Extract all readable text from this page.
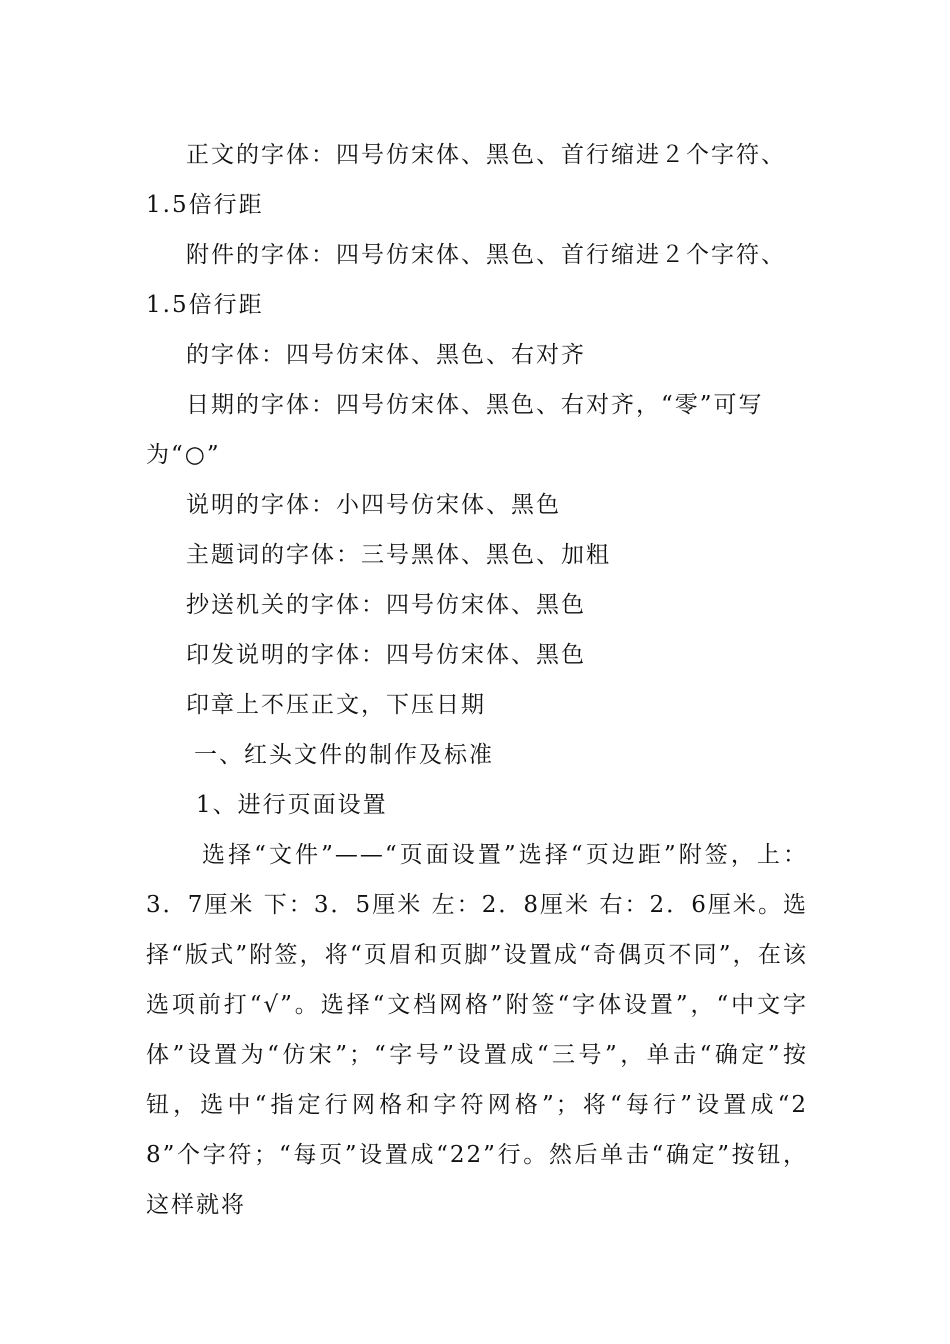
正文的字体：四号仿宋体、黑色、首行缩进２个字符、1.5倍行距

附件的字体：四号仿宋体、黑色、首行缩进２个字符、1.5倍行距

的字体：四号仿宋体、黑色、右对齐

日期的字体：四号仿宋体、黑色、右对齐，“零”可写为“○”

说明的字体：小四号仿宋体、黑色

主题词的字体：三号黑体、黑色、加粗

抄送机关的字体：四号仿宋体、黑色

印发说明的字体：四号仿宋体、黑色

印章上不压正文，下压日期

一、红头文件的制作及标准

1、进行页面设置

选择“文件”——“页面设置”选择“页边距”附签，上：3．7厘米 下：3．5厘米 左：2．8厘米 右：2．6厘米。选择“版式”附签，将“页眉和页脚”设置成“奇偶页不同”，在该选项前打“√”。选择“文档网格”附签“字体设置”，“中文字体”设置为“仿宋”；“字号”设置成“三号”，单击“确定”按钮，选中“指定行网格和字符网格”；将“每行”设置成“28”个字符；“每页”设置成“22”行。然后单击“确定”按钮，这样就将
